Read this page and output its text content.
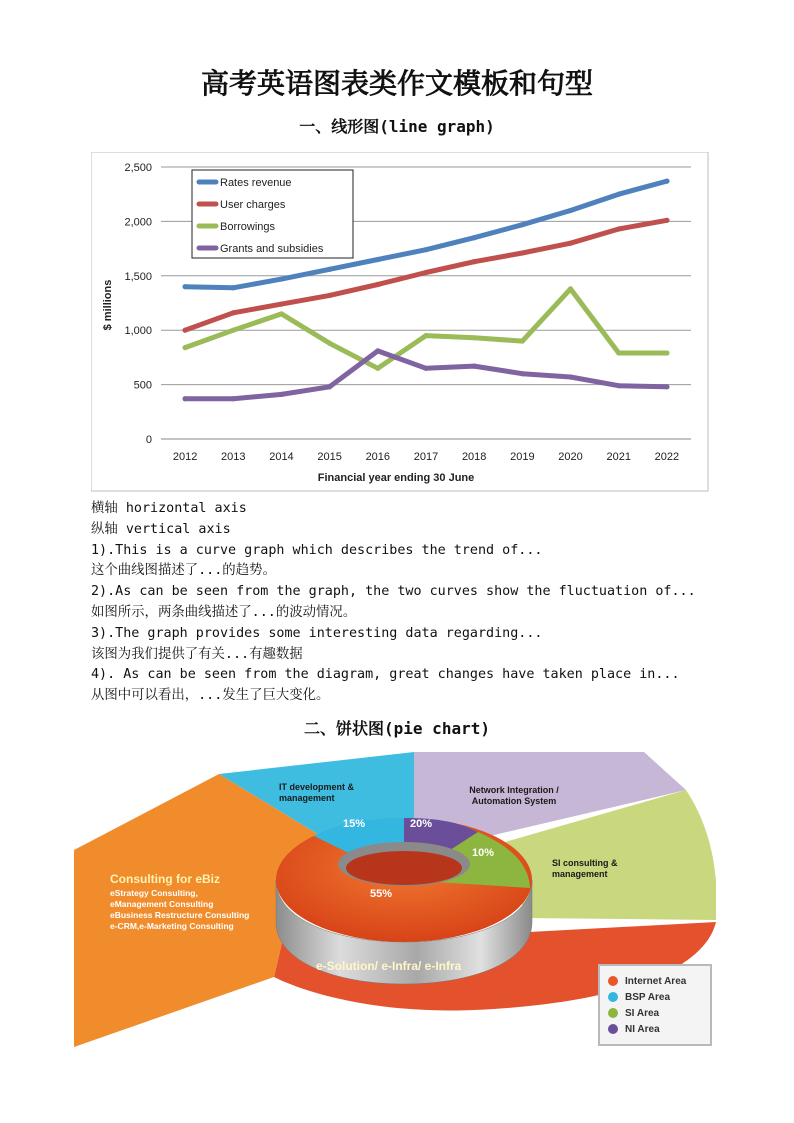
高考英语图表类作文模板和句型
一、线形图(line graph)
0
500
1,000
1,500
2,000
2,500
2012 2013 2014 2015 2016 2017 2018 2019 2020 2021 2022
$ millions
Financial year ending 30 June
Rates revenue
User charges
Borrowings
Grants and subsidies
横轴 horizontal axis
纵轴 vertical axis
1).This is a curve graph which describes the trend of...
这个曲线图描述了...的趋势。
2).As can be seen from the graph, the two curves show the fluctuation of...
如图所示，两条曲线描述了...的波动情况。
3).The graph provides some interesting data regarding...
该图为我们提供了有关...有趣数据
4). As can be seen from the diagram, great changes have taken place in...
从图中可以看出，...发生了巨大变化。
二、饼状图(pie chart)
IT development & management
Network Integration / Automation System
SI consulting & management
e-Solution/ e-Infra/ e-Infra
15%	20%
10%
55%
Consulting for eBiz
eStrategy Consulting,
eManagement Consulting
eBusiness Restructure Consulting
e-CRM,e-Marketing Consulting
Internet Area
BSP Area
SI Area
NI Area
